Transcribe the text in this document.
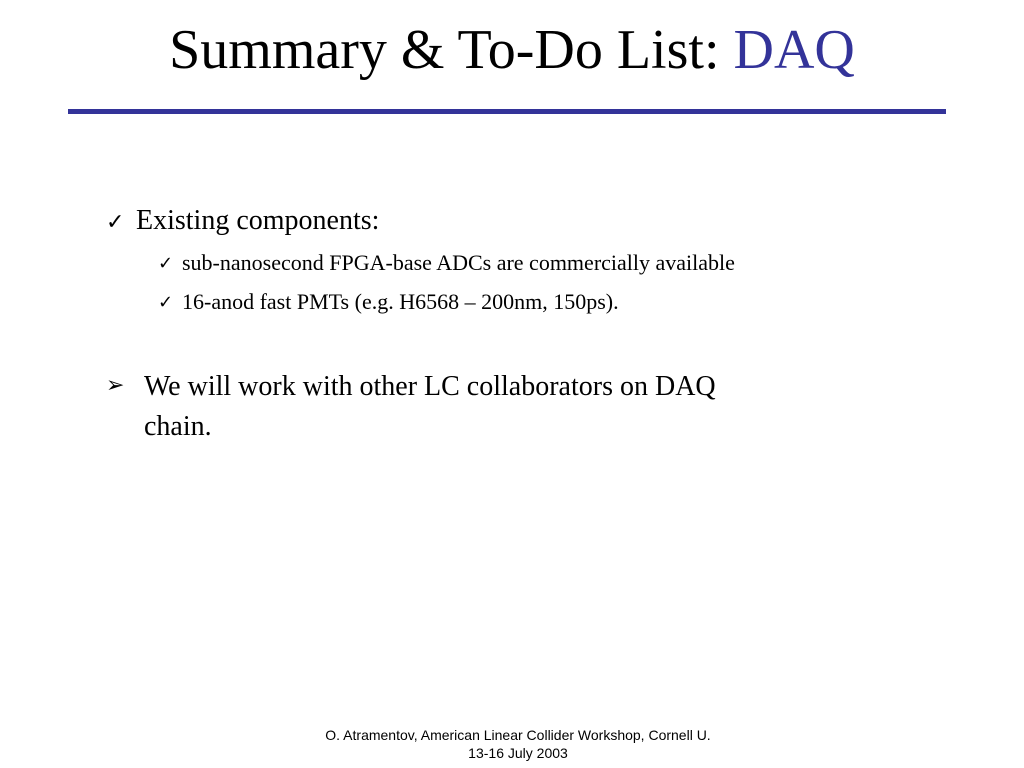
Summary & To-Do List: DAQ
✓ Existing components:
✓ sub-nanosecond FPGA-base ADCs are commercially available
✓ 16-anod fast PMTs (e.g. H6568 – 200nm, 150ps).
➢ We will work with other LC collaborators on DAQ chain.
O. Atramentov, American Linear Collider Workshop, Cornell U.
13-16 July 2003
